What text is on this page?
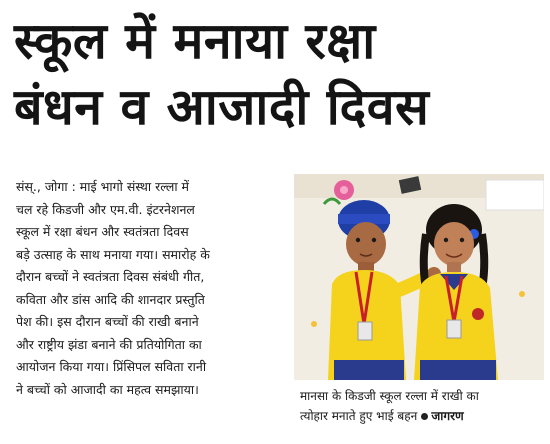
स्कूल में मनाया रक्षा
बंधन व आजादी दिवस
संस्., जोगा : माई भागो संस्था रल्ला में
चल रहे किडजी और एम.वी. इंटरनेशनल
स्कूल में रक्षा बंधन और स्वतंत्रता दिवस
बड़े उत्साह के साथ मनाया गया। समारोह के
दौरान बच्चों ने स्वतंत्रता दिवस संबंधी गीत,
कविता और डांस आदि की शानदार प्रस्तुति
पेश की। इस दौरान बच्चों की राखी बनाने
और राष्ट्रीय झंडा बनाने की प्रतियोगिता का
आयोजन किया गया। प्रिंसिपल सविता रानी
ने बच्चों को आजादी का महत्व समझाया।	मानसा के किडजी स्कूल रल्ला में राखी का
त्योहार मनाते हुए भाई बहन जागरण
